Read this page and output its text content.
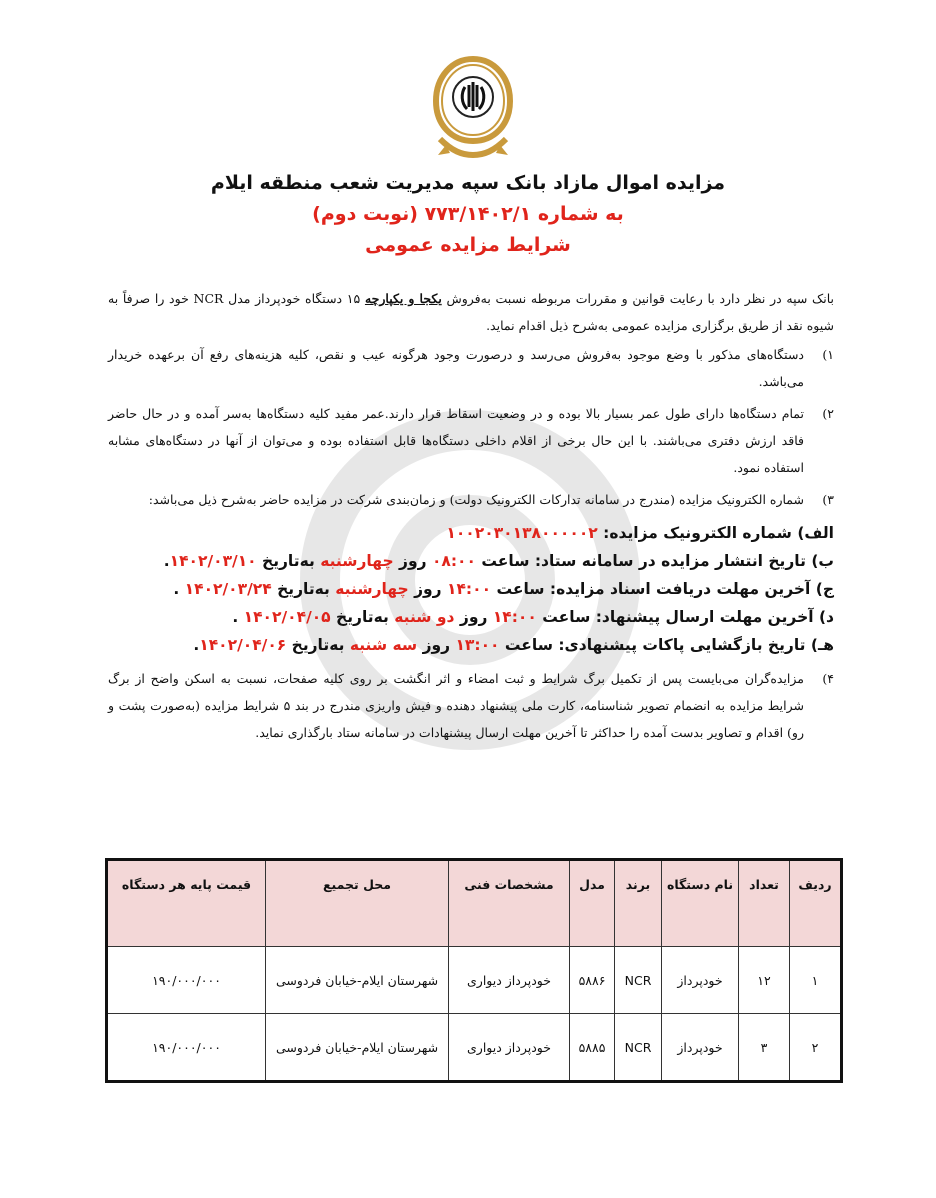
مزایده اموال مازاد بانک سپه مدیریت شعب منطقه ایلام
به شماره ۷۷۳/۱۴۰۲/۱ (نوبت دوم)
شرایط مزایده عمومی

بانک سپه در نظر دارد با رعایت قوانین و مقررات مربوطه نسبت به‌فروش یکجا و یکپارچه ۱۵ دستگاه خودپرداز مدل NCR خود را صرفاً به شیوه نقد از طریق برگزاری مزایده عمومی به‌شرح ذیل اقدام نماید.

۱)
دستگاه‌های مذکور با وضع موجود به‌فروش می‌رسد و درصورت وجود هرگونه عیب و نقص، کلیه هزینه‌های رفع آن برعهده خریدار می‌باشد.
۲)
تمام دستگاه‌ها دارای طول عمر بسیار بالا بوده و در وضعیت اسقاط قرار دارند.عمر مفید کلیه دستگاه‌ها به‌سر آمده و در حال حاضر فاقد ارزش دفتری می‌باشند. با این حال برخی از اقلام داخلی دستگاه‌ها قابل استفاده بوده و می‌توان از آنها در دستگاه‌های مشابه استفاده نمود.
۳)
شماره الکترونیک مزایده (مندرج در سامانه تدارکات الکترونیک دولت) و زمان‌بندی شرکت در مزایده حاضر به‌شرح ذیل می‌باشد:
الف) شماره الکترونیک مزایده: ۱۰۰۲۰۳۰۱۳۸۰۰۰۰۰۲
ب) تاریخ انتشار مزایده در سامانه ستاد: ساعت ۰۸:۰۰ روز چهارشنبه به‌تاریخ ۱۴۰۲/۰۳/۱۰.
ج) آخرین مهلت دریافت اسناد مزایده: ساعت ۱۴:۰۰ روز چهارشنبه به‌تاریخ ۱۴۰۲/۰۳/۲۴ .
د) آخرین مهلت ارسال پیشنهاد: ساعت ۱۴:۰۰ روز دو شنبه به‌تاریخ ۱۴۰۲/۰۴/۰۵ .
هـ) تاریخ بازگشایی پاکات پیشنهادی: ساعت ۱۳:۰۰ روز سه شنبه به‌تاریخ ۱۴۰۲/۰۴/۰۶.
۴)
مزایده‌گران می‌بایست پس از تکمیل برگ شرایط و ثبت امضاء و اثر انگشت بر روی کلیه صفحات، نسبت به اسکن واضح از برگ شرایط مزایده به انضمام تصویر شناسنامه، کارت ملی پیشنهاد دهنده و فیش واریزی مندرج در بند ۵ شرایط مزایده (به‌صورت پشت و رو) اقدام و تصاویر بدست آمده را حداکثر تا آخرین مهلت ارسال پیشنهادات در سامانه ستاد بارگذاری نماید.
ردیف	تعداد	نام دستگاه	برند	مدل	مشخصات فنی	محل تجمیع	قیمت پایه هر دستگاه
۱	۱۲	خودپرداز	NCR	۵۸۸۶	خودپرداز دیواری	شهرستان ایلام-خیابان فردوسی	۱۹۰/۰۰۰/۰۰۰
۲	۳	خودپرداز	NCR	۵۸۸۵	خودپرداز دیواری	شهرستان ایلام-خیابان فردوسی	۱۹۰/۰۰۰/۰۰۰
